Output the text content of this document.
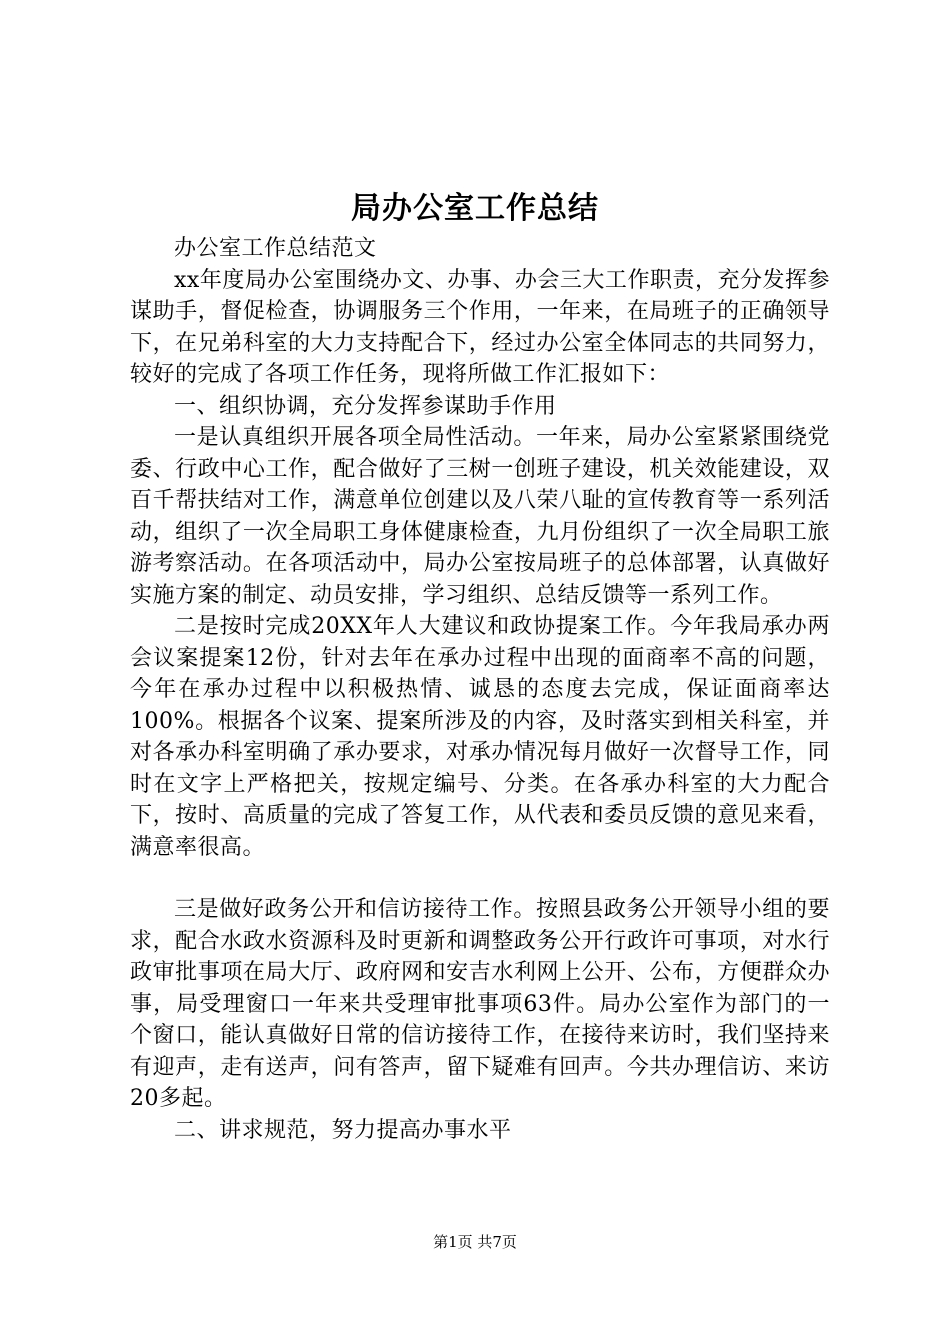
局办公室工作总结

办公室工作总结范文

xx年度局办公室围绕办文、办事、办会三大工作职责，充分发挥参谋助手，督促检查，协调服务三个作用，一年来，在局班子的正确领导下，在兄弟科室的大力支持配合下，经过办公室全体同志的共同努力，较好的完成了各项工作任务，现将所做工作汇报如下：

一、组织协调，充分发挥参谋助手作用

一是认真组织开展各项全局性活动。一年来，局办公室紧紧围绕党委、行政中心工作，配合做好了三树一创班子建设，机关效能建设，双百千帮扶结对工作，满意单位创建以及八荣八耻的宣传教育等一系列活动，组织了一次全局职工身体健康检查，九月份组织了一次全局职工旅游考察活动。在各项活动中，局办公室按局班子的总体部署，认真做好实施方案的制定、动员安排，学习组织、总结反馈等一系列工作。

二是按时完成20XX年人大建议和政协提案工作。今年我局承办两会议案提案12份，针对去年在承办过程中出现的面商率不高的问题，今年在承办过程中以积极热情、诚恳的态度去完成，保证面商率达100%。根据各个议案、提案所涉及的内容，及时落实到相关科室，并对各承办科室明确了承办要求，对承办情况每月做好一次督导工作，同时在文字上严格把关，按规定编号、分类。在各承办科室的大力配合下，按时、高质量的完成了答复工作，从代表和委员反馈的意见来看，满意率很高。

三是做好政务公开和信访接待工作。按照县政务公开领导小组的要求，配合水政水资源科及时更新和调整政务公开行政许可事项，对水行政审批事项在局大厅、政府网和安吉水利网上公开、公布，方便群众办事，局受理窗口一年来共受理审批事项63件。局办公室作为部门的一个窗口，能认真做好日常的信访接待工作，在接待来访时，我们坚持来有迎声，走有送声，问有答声，留下疑难有回声。今共办理信访、来访20多起。

二、讲求规范，努力提高办事水平

第1页 共7页
